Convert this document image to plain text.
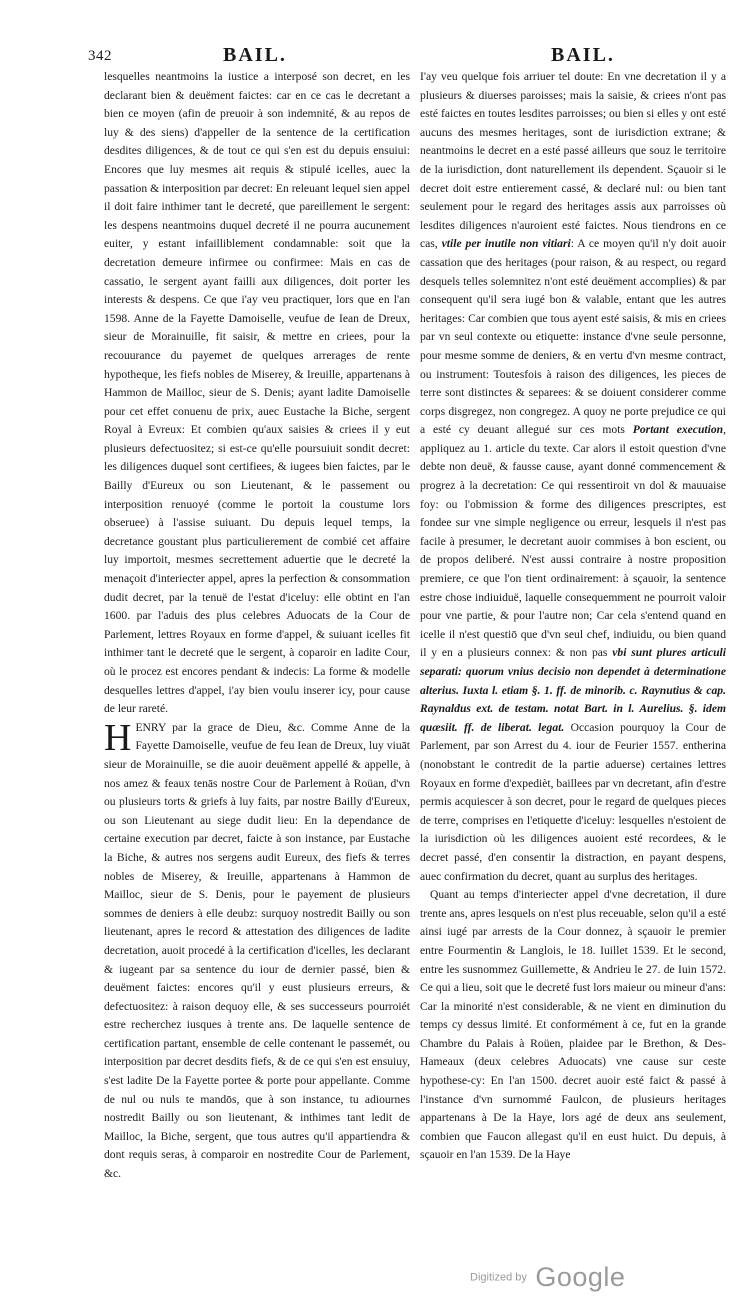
342	BAIL.	BAIL.

lesquelles neantmoins la iustice a interposé son decret, en les declarant bien & deuëment faictes: car en ce cas le decretant a bien ce moyen (afin de preuoir à son indemnité, & au repos de luy & des siens) d'appeller de la sentence de la certification desdites diligences, & de tout ce qui s'en est du depuis ensuiui: Encores que luy mesmes ait requis & stipulé icelles, auec la passation & interposition par decret: En releuant lequel sien appel il doit faire inthimer tant le decreté, que pareillement le sergent: les despens neantmoins duquel decreté il ne pourra aucunement euiter, y estant infailliblement condamnable: soit que la decretation demeure infirmee ou confirmee: Mais en cas de cassatio, le sergent ayant failli aux diligences, doit porter les interests & despens. Ce que i'ay veu practiquer, lors que en l'an 1598. Anne de la Fayette Damoiselle, veufue de Iean de Dreux, sieur de Morainuille, fit saisir, & mettre en criees, pour la recouurance du payemet de quelques arrerages de rente hypotheque, les fiefs nobles de Miserey, & Ireuille, appartenans à Hammon de Mailloc, sieur de S. Denis; ayant ladite Damoiselle pour cet effet conuenu de prix, auec Eustache la Biche, sergent Royal à Evreux: Et combien qu'aux saisies & criees il y eut plusieurs defectuositez; si est-ce qu'elle poursuiuit sondit decret: les diligences duquel sont certifiees, & iugees bien faictes, par le Bailly d'Eureux ou son Lieutenant, & le passement ou interposition renuoyé (comme le portoit la coustume lors obseruee) à l'assise suiuant. Du depuis lequel temps, la decretance goustant plus particulierement de combié cet affaire luy importoit, mesmes secrettement aduertie que le decreté la menaçoit d'interiecter appel, apres la perfection & consommation dudit decret, par la tenuë de l'estat d'iceluy: elle obtint en l'an 1600. par l'aduis des plus celebres Aduocats de la Cour de Parlement, lettres Royaux en forme d'appel, & suiuant icelles fit inthimer tant le decreté que le sergent, à coparoir en ladite Cour, où le procez est encores pendant & indecis: La forme & modelle desquelles lettres d'appel, i'ay bien voulu inserer icy, pour cause de leur rareté.

HENRY par la grace de Dieu, &c. Comme Anne de la Fayette Damoiselle, veufue de feu Iean de Dreux, luy viuāt sieur de Morainuille, se die auoir deuëment appellé & appelle, à nos amez & feaux tenās nostre Cour de Parlement à Roüan, d'vn ou plusieurs torts & griefs à luy faits, par nostre Bailly d'Eureux, ou son Lieutenant au siege dudit lieu: En la dependance de certaine execution par decret, faicte à son instance, par Eustache la Biche, & autres nos sergens audit Eureux, des fiefs & terres nobles de Miserey, & Ireuille, appartenans à Hammon de Mailloc, sieur de S. Denis, pour le payement de plusieurs sommes de deniers à elle deubz: surquoy nostredit Bailly ou son lieutenant, apres le record & attestation des diligences de ladite decretation, auoit procedé à la certification d'icelles, les declarant & iugeant par sa sentence du iour de dernier passé, bien & deuëment faictes: encores qu'il y eust plusieurs erreurs, & defectuositez: à raison dequoy elle, & ses successeurs pourroiét estre recherchez iusques à trente ans. De laquelle sentence de certification partant, ensemble de celle contenant le passemét, ou interposition par decret desdits fiefs, & de ce qui s'en est ensuiuy, s'est ladite De la Fayette portee & porte pour appellante. Comme de nul ou nuls te mandōs, que à son instance, tu adiournes nostredit Bailly ou son lieutenant, & inthimes tant ledit de Mailloc, la Biche, sergent, que tous autres qu'il appartiendra & dont requis seras, à comparoir en nostredite Cour de Parlement, &c.

I'ay veu quelque fois arriuer tel doute: En vne decretation il y a plusieurs & diuerses paroisses; mais la saisie, & criees n'ont pas esté faictes en toutes lesdites parroisses; ou bien si elles y ont esté aucuns des mesmes heritages, sont de iurisdiction extrane; & neantmoins le decret en a esté passé ailleurs que souz le territoire de la iurisdiction, dont naturellement ils dependent. Sçauoir si le decret doit estre entierement cassé, & declaré nul: ou bien tant seulement pour le regard des heritages assis aux parroisses où lesdites diligences n'auroient esté faictes. Nous tiendrons en ce cas, vtile per inutile non vitiari: A ce moyen qu'il n'y doit auoir cassation que des heritages (pour raison, & au respect, ou regard desquels telles solemnitez n'ont esté deuëment accomplies) & par consequent qu'il sera iugé bon & valable, entant que les autres heritages: Car combien que tous ayent esté saisis, & mis en criees par vn seul contexte ou etiquette: instance d'vne seule personne, pour mesme somme de deniers, & en vertu d'vn mesme contract, ou instrument: Toutesfois à raison des diligences, les pieces de terre sont distinctes & separees: & se doiuent considerer comme corps disgregez, non congregez. A quoy ne porte prejudice ce qui a esté cy deuant allegué sur ces mots Portant execution, appliquez au 1. article du texte. Car alors il estoit question d'vne debte non deuë, & fausse cause, ayant donné commencement & progrez à la decretation: Ce qui ressentiroit vn dol & mauuaise foy: ou l'obmission & forme des diligences prescriptes, est fondee sur vne simple negligence ou erreur, lesquels il n'est pas facile à presumer, le decretant auoir commises à bon escient, ou de propos deliberé. N'est aussi contraire à nostre proposition premiere, ce que l'on tient ordinairement: à sçauoir, la sentence estre chose indiuiduë, laquelle consequemment ne pourroit valoir pour vne partie, & pour l'autre non; Car cela s'entend quand en icelle il n'est questiō que d'vn seul chef, indiuidu, ou bien quand il y en a plusieurs connex: & non pas vbi sunt plures articuli separati: quorum vnius decisio non dependet à determinatione alterius. Iuxta l. etiam §. 1. ff. de minorib. c. Raynutius & cap. Raynaldus ext. de testam. notat Bart. in l. Aurelius. §. idem quæsiit. ff. de liberat. legat. Occasion pourquoy la Cour de Parlement, par son Arrest du 4. iour de Feurier 1557. entherina (nonobstant le contredit de la partie aduerse) certaines lettres Royaux en forme d'expedièt, baillees par vn decretant, afin d'estre permis acquiescer à son decret, pour le regard de quelques pieces de terre, comprises en l'etiquette d'iceluy: lesquelles n'estoient de la iurisdiction où les diligences auoient esté recordees, & le decret passé, d'en consentir la distraction, en payant despens, auec confirmation du decret, quant au surplus des heritages.

Quant au temps d'interiecter appel d'vne decretation, il dure trente ans, apres lesquels on n'est plus receuable, selon qu'il a esté ainsi iugé par arrests de la Cour donnez, à sçauoir le premier entre Fourmentin & Langlois, le 18. Iuillet 1539. Et le second, entre les susnommez Guillemette, & Andrieu le 27. de Iuin 1572. Ce qui a lieu, soit que le decreté fust lors maieur ou mineur d'ans: Car la minorité n'est considerable, & ne vient en diminution du temps cy dessus limité. Et conformément à ce, fut en la grande Chambre du Palais à Roüen, plaidee par le Brethon, & Des-Hameaux (deux celebres Aduocats) vne cause sur ceste hypothese-cy: En l'an 1500. decret auoir esté faict & passé à l'instance d'vn surnommé Faulcon, de plusieurs heritages appartenans à De la Haye, lors agé de deux ans seulement, combien que Faucon allegast qu'il en eust huict. Du depuis, à sçauoir en l'an 1539. De la Haye

Digitized by Google
